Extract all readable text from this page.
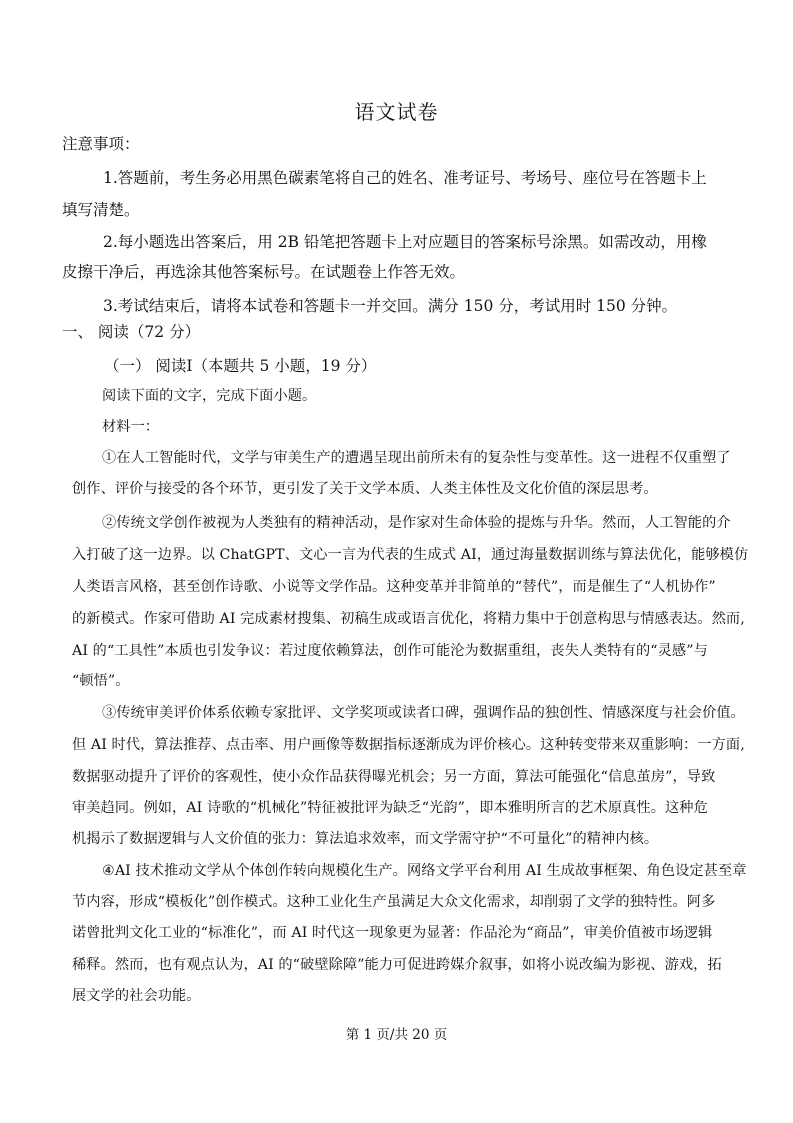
语文试卷
注意事项：
1.答题前，考生务必用黑色碳素笔将自己的姓名、准考证号、考场号、座位号在答题卡上
填写清楚。
2.每小题选出答案后，用 2B 铅笔把答题卡上对应题目的答案标号涂黑。如需改动，用橡
皮擦干净后，再选涂其他答案标号。在试题卷上作答无效。
3.考试结束后，请将本试卷和答题卡一并交回。满分 150 分，考试用时 150 分钟。
一、 阅读（72 分）
（一） 阅读Ⅰ（本题共 5 小题，19 分）
阅读下面的文字，完成下面小题。
材料一：
①在人工智能时代，文学与审美生产的遭遇呈现出前所未有的复杂性与变革性。这一进程不仅重塑了
创作、评价与接受的各个环节，更引发了关于文学本质、人类主体性及文化价值的深层思考。
②传统文学创作被视为人类独有的精神活动，是作家对生命体验的提炼与升华。然而，人工智能的介
入打破了这一边界。以 ChatGPT、文心一言为代表的生成式 AI，通过海量数据训练与算法优化，能够模仿
人类语言风格，甚至创作诗歌、小说等文学作品。这种变革并非简单的“替代”，而是催生了“人机协作”
的新模式。作家可借助 AI 完成素材搜集、初稿生成或语言优化，将精力集中于创意构思与情感表达。然而,
AI 的“工具性”本质也引发争议：若过度依赖算法，创作可能沦为数据重组，丧失人类特有的“灵感”与
“顿悟”。
③传统审美评价体系依赖专家批评、文学奖项或读者口碑，强调作品的独创性、情感深度与社会价值。
但 AI 时代，算法推荐、点击率、用户画像等数据指标逐渐成为评价核心。这种转变带来双重影响：一方面,
数据驱动提升了评价的客观性，使小众作品获得曝光机会；另一方面，算法可能强化“信息茧房”，导致
审美趋同。例如，AI 诗歌的“机械化”特征被批评为缺乏“光韵”，即本雅明所言的艺术原真性。这种危
机揭示了数据逻辑与人文价值的张力：算法追求效率，而文学需守护“不可量化”的精神内核。
④AI 技术推动文学从个体创作转向规模化生产。网络文学平台利用 AI 生成故事框架、角色设定甚至章
节内容，形成“模板化”创作模式。这种工业化生产虽满足大众文化需求，却削弱了文学的独特性。阿多
诺曾批判文化工业的“标准化”，而 AI 时代这一现象更为显著：作品沦为“商品”，审美价值被市场逻辑
稀释。然而，也有观点认为，AI 的“破壁除障”能力可促进跨媒介叙事，如将小说改编为影视、游戏，拓
展文学的社会功能。
第 1 页/共 20 页
